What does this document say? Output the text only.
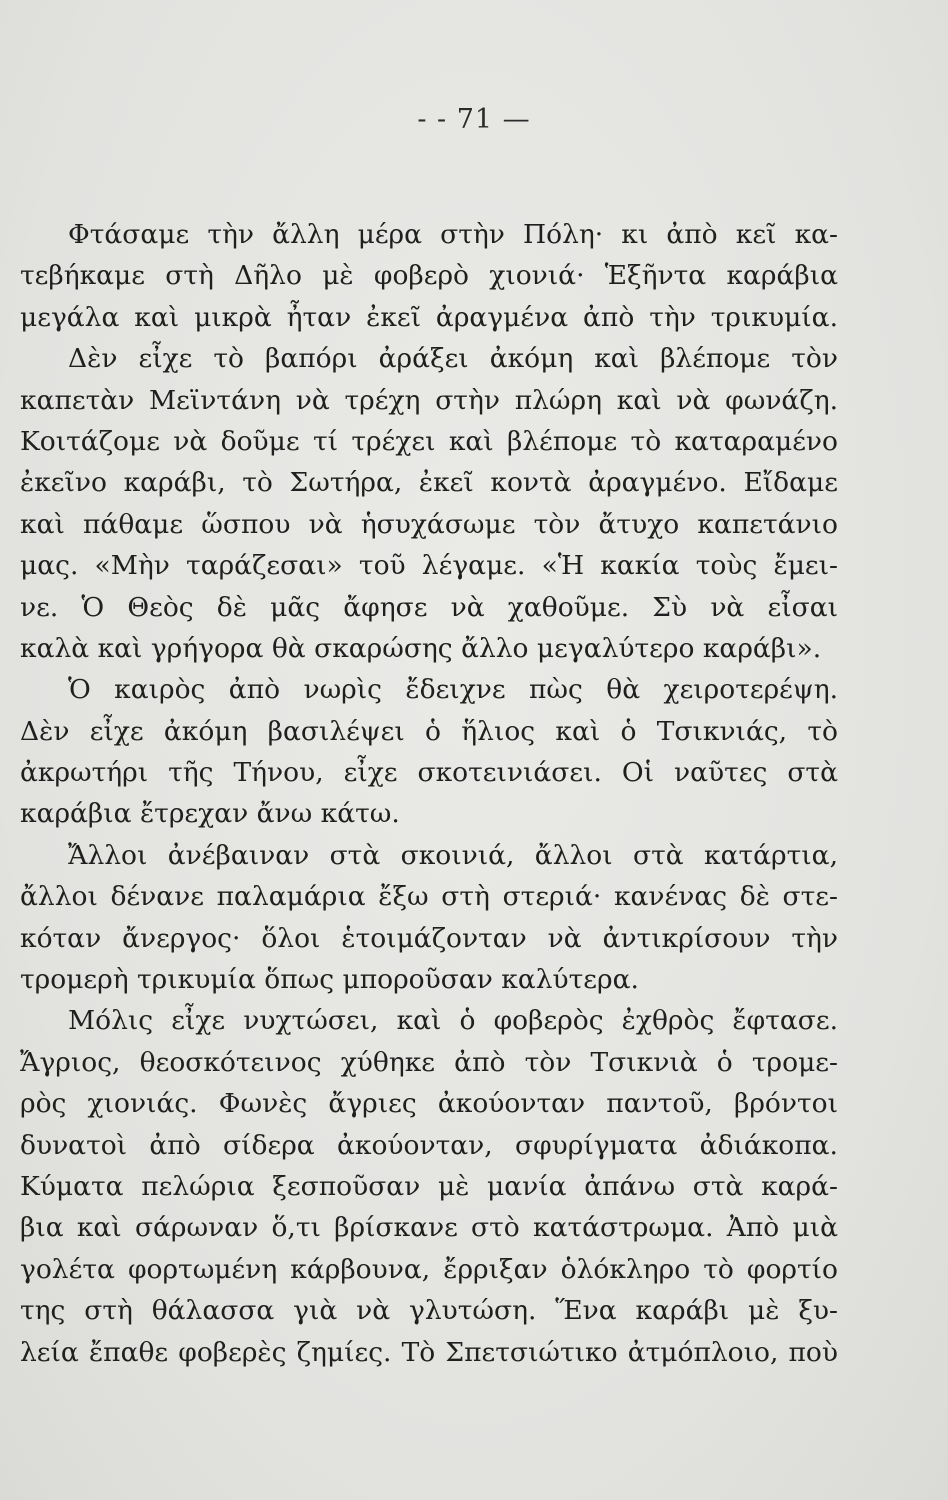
- - 71 —
Φτάσαμε τὴν ἄλλη μέρα στὴν Πόλη· κι ἀπὸ κεῖ κα-
τεβήκαμε στὴ Δῆλο μὲ φοβερὸ χιονιά· Ἑξῆντα καράβια
μεγάλα καὶ μικρὰ ἦταν ἐκεῖ ἀραγμένα ἀπὸ τὴν τρικυμία.
Δὲν εἶχε τὸ βαπόρι ἀράξει ἀκόμη καὶ βλέπομε τὸν
καπετὰν Μεϊντάνη νὰ τρέχη στὴν πλώρη καὶ νὰ φωνάζη.
Κοιτάζομε νὰ δοῦμε τί τρέχει καὶ βλέπομε τὸ καταραμένο
ἐκεῖνο καράβι, τὸ Σωτήρα, ἐκεῖ κοντὰ ἀραγμένο. Εἴδαμε
καὶ πάθαμε ὥσπου νὰ ἡσυχάσωμε τὸν ἄτυχο καπετάνιο
μας. «Μὴν ταράζεσαι» τοῦ λέγαμε. «Ἡ κακία τοὺς ἔμει-
νε. Ὁ Θεὸς δὲ μᾶς ἄφησε νὰ χαθοῦμε. Σὺ νὰ εἶσαι
καλὰ καὶ γρήγορα θὰ σκαρώσης ἄλλο μεγαλύτερο καράβι».
Ὁ καιρὸς ἀπὸ νωρὶς ἔδειχνε πὼς θὰ χειροτερέψη.
Δὲν εἶχε ἀκόμη βασιλέψει ὁ ἥλιος καὶ ὁ Τσικνιάς, τὸ
ἀκρωτήρι τῆς Τήνου, εἶχε σκοτεινιάσει. Οἱ ναῦτες στὰ
καράβια ἔτρεχαν ἄνω κάτω.
Ἄλλοι ἀνέβαιναν στὰ σκοινιά, ἄλλοι στὰ κατάρτια,
ἄλλοι δένανε παλαμάρια ἔξω στὴ στεριά· κανένας δὲ στε-
κόταν ἄνεργος· ὅλοι ἑτοιμάζονταν νὰ ἀντικρίσουν τὴν
τρομερὴ τρικυμία ὅπως μποροῦσαν καλύτερα.
Μόλις εἶχε νυχτώσει, καὶ ὁ φοβερὸς ἐχθρὸς ἔφτασε.
Ἄγριος, θεοσκότεινος χύθηκε ἀπὸ τὸν Τσικνιὰ ὁ τρομε-
ρὸς χιονιάς. Φωνὲς ἄγριες ἀκούονταν παντοῦ, βρόντοι
δυνατοὶ ἀπὸ σίδερα ἀκούονταν, σφυρίγματα ἀδιάκοπα.
Κύματα πελώρια ξεσποῦσαν μὲ μανία ἀπάνω στὰ καρά-
βια καὶ σάρωναν ὅ,τι βρίσκανε στὸ κατάστρωμα. Ἀπὸ μιὰ
γολέτα φορτωμένη κάρβουνα, ἔρριξαν ὁλόκληρο τὸ φορτίο
της στὴ θάλασσα γιὰ νὰ γλυτώση. Ἕνα καράβι μὲ ξυ-
λεία ἔπαθε φοβερὲς ζημίες. Τὸ Σπετσιώτικο ἀτμόπλοιο, ποὺ
